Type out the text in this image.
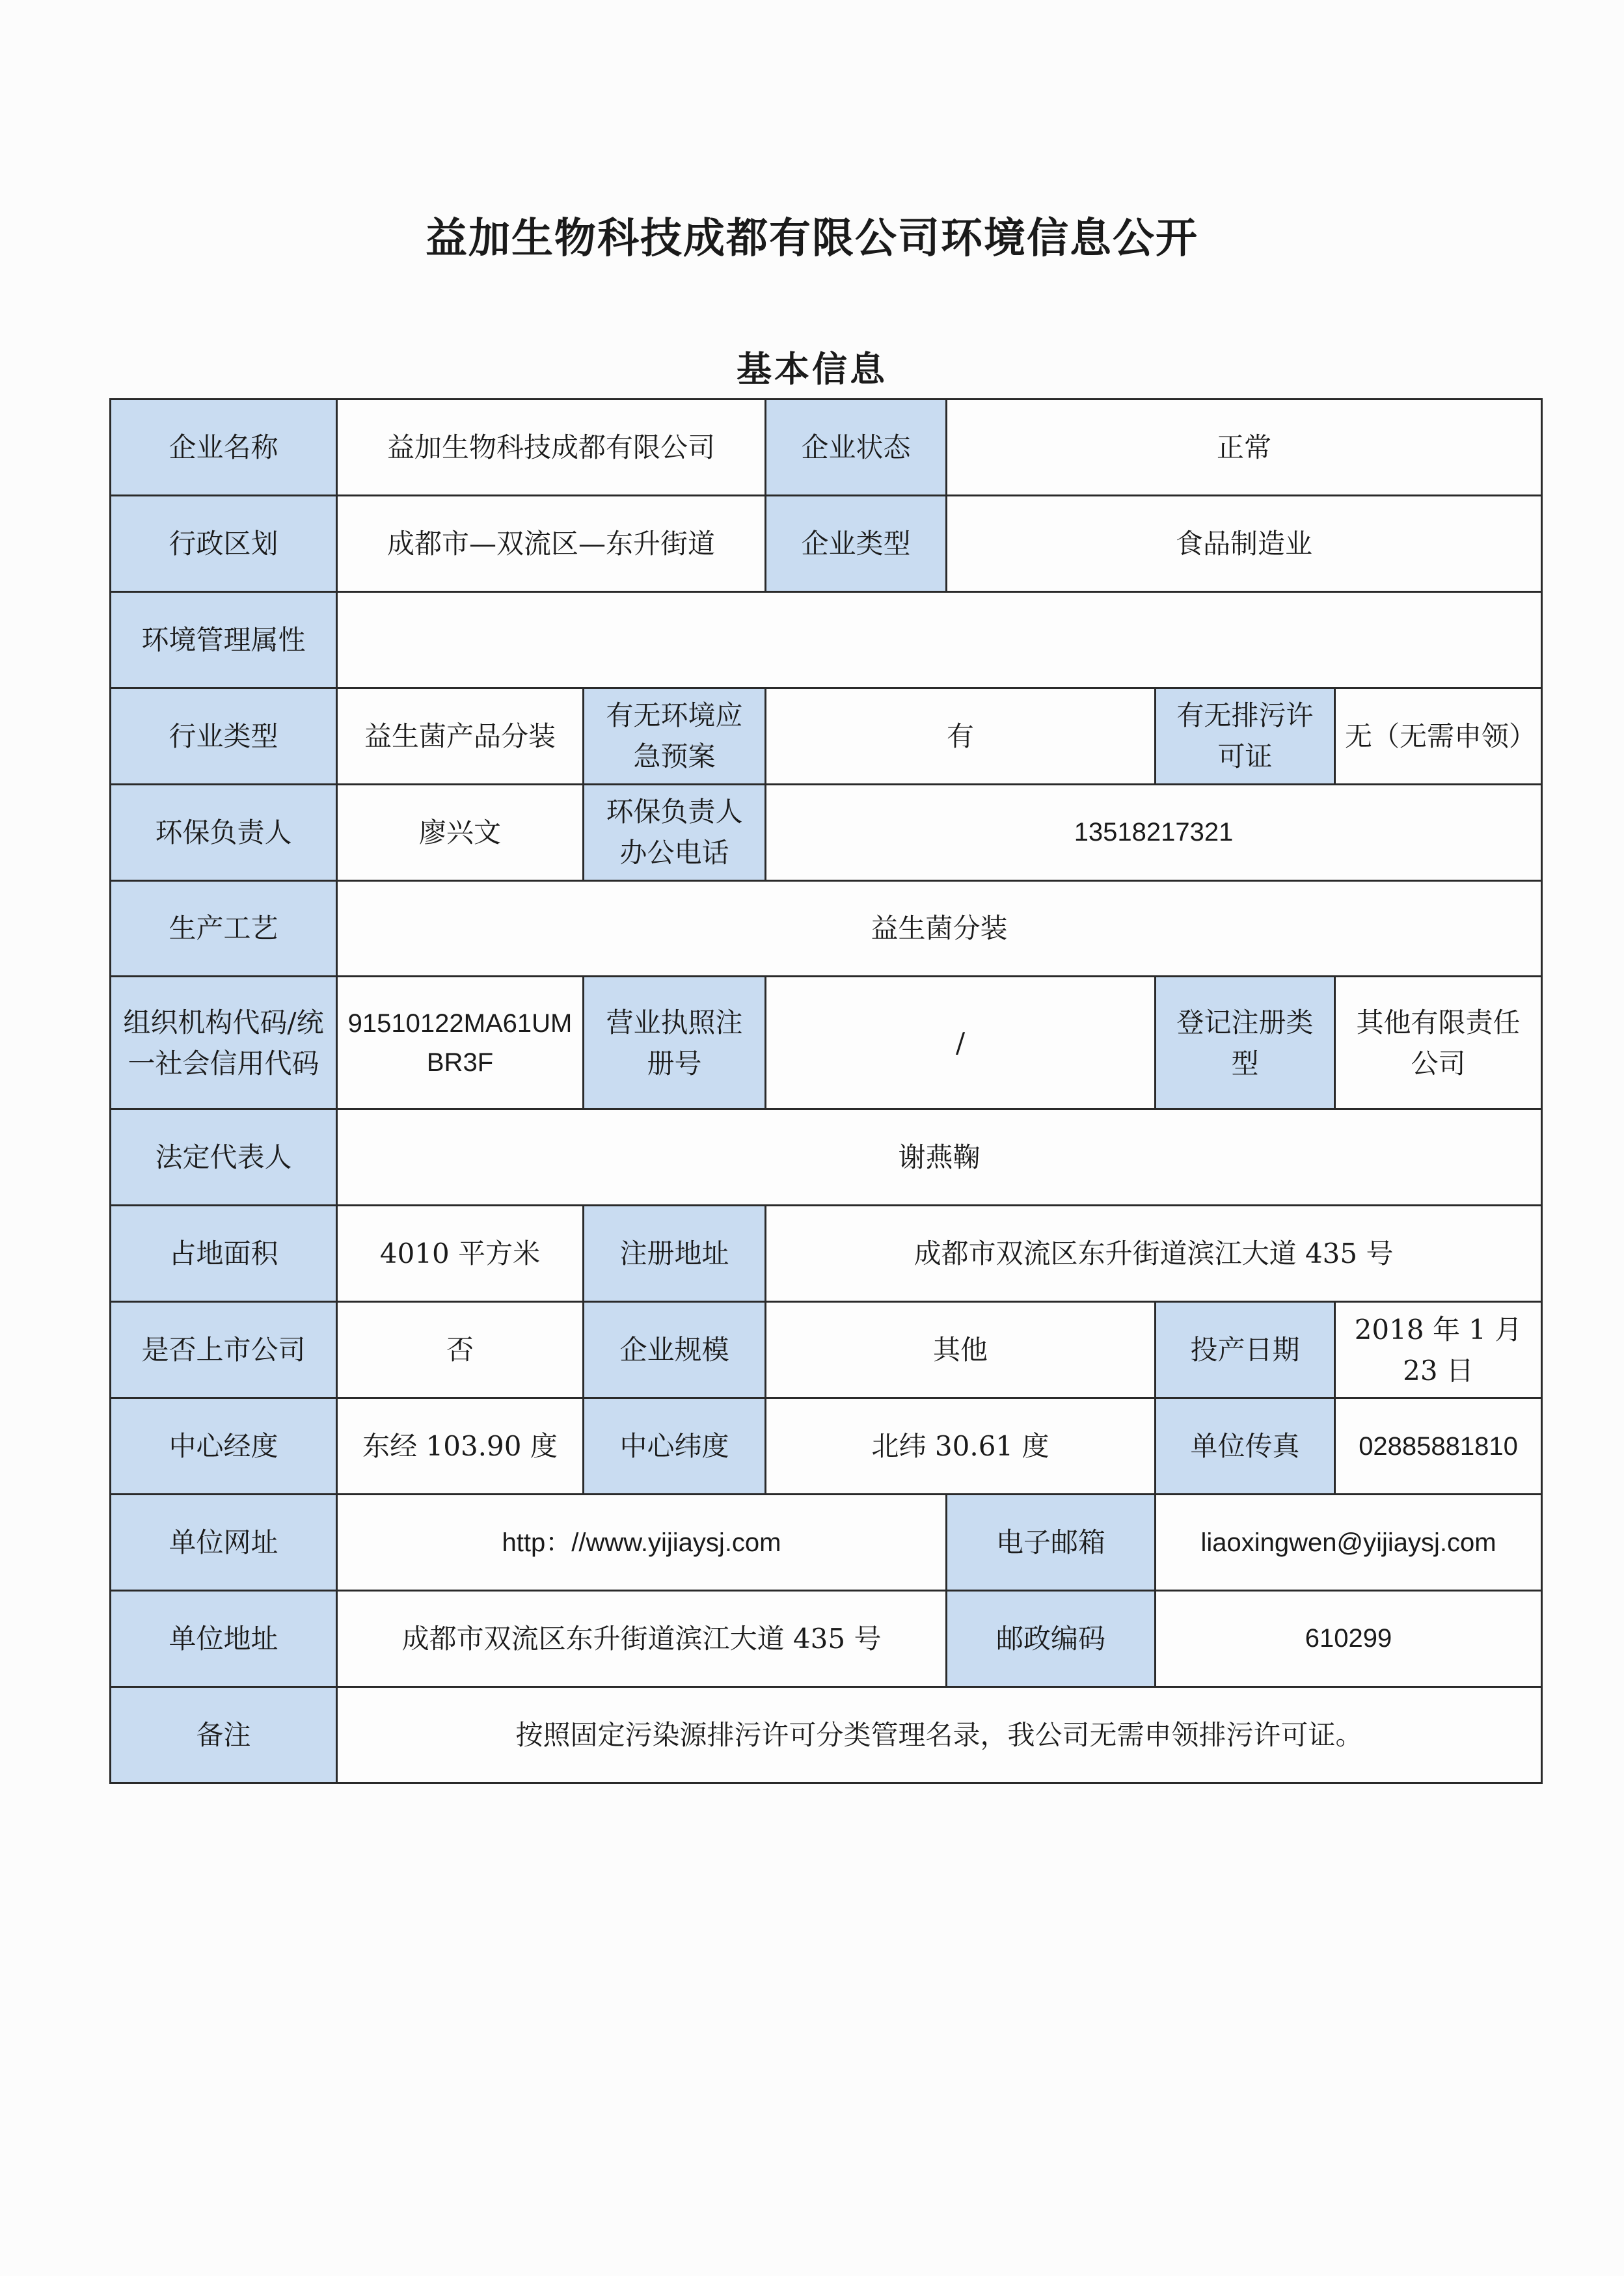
益加生物科技成都有限公司环境信息公开
基本信息
企业名称	益加生物科技成都有限公司		企业状态	正常		
行政区划	成都市—双流区—东升街道		企业类型	食品制造业		
环境管理属性						
行业类型	益生菌产品分装	有无环境应急预案	有		有无排污许可证	无（无需申领）
环保负责人	廖兴文	环保负责人办公电话	13518217321			
生产工艺	益生菌分装					
组织机构代码/统一社会信用代码	91510122MA61UMBR3F	营业执照注册号	/		登记注册类型	其他有限责任公司
法定代表人	谢燕鞠					
占地面积	4010 平方米	注册地址	成都市双流区东升街道滨江大道 435 号			
是否上市公司	否	企业规模	其他		投产日期	2018 年 1 月 23 日
中心经度	东经 103.90 度	中心纬度	北纬 30.61 度		单位传真	02885881810
单位网址	http：//www.yijiaysj.com			电子邮箱	liaoxingwen@yijiaysj.com	
单位地址	成都市双流区东升街道滨江大道 435 号			邮政编码	610299	
备注	按照固定污染源排污许可分类管理名录，我公司无需申领排污许可证。					
